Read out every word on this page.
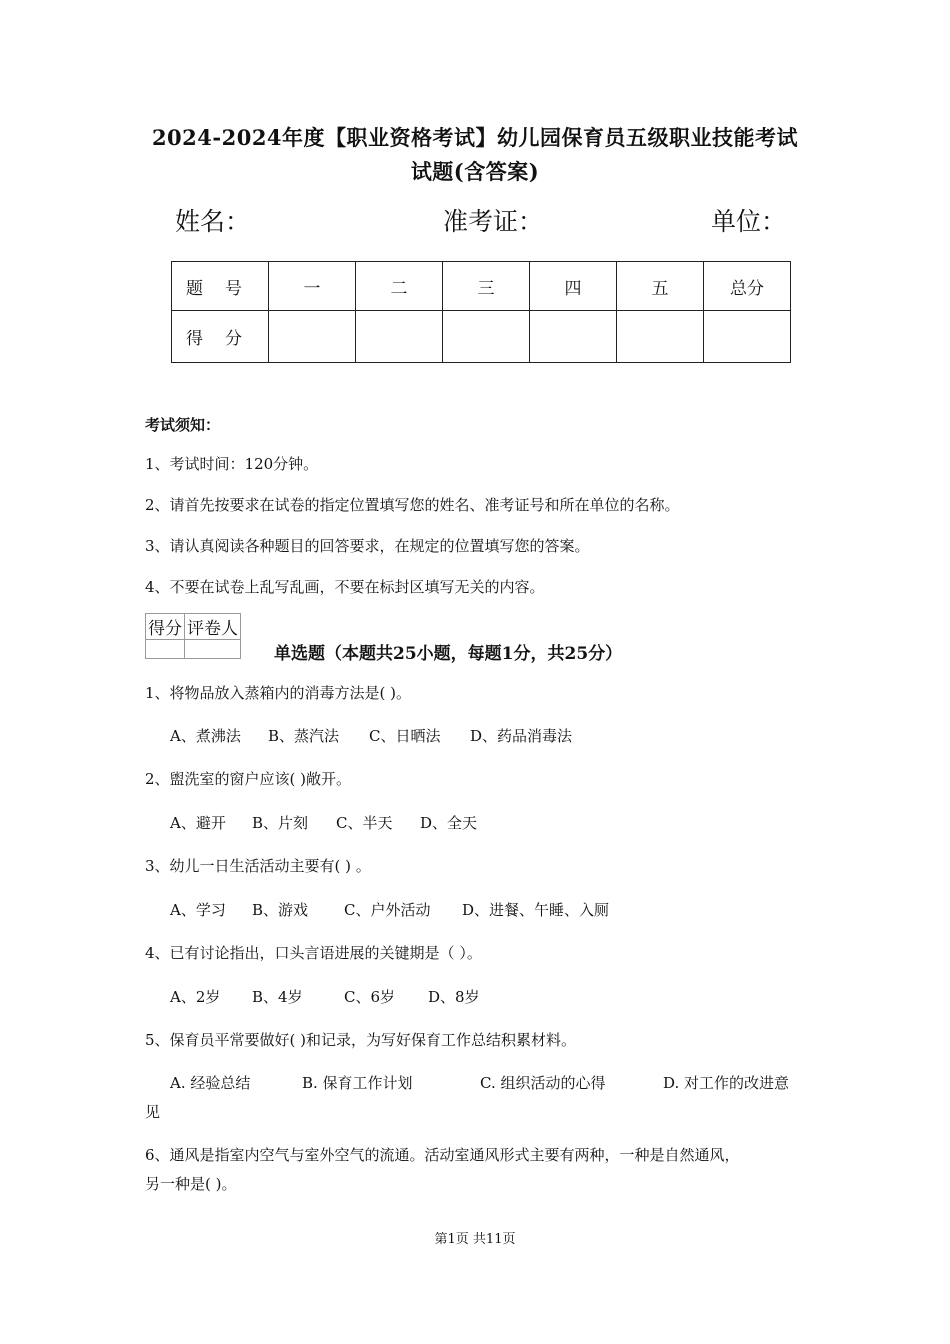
2024-2024年度【职业资格考试】幼儿园保育员五级职业技能考试
试题(含答案)
姓名：	准考证：	单位：
题号	一	二	三	四	五	总分
得分						
考试须知：
1、考试时间：120分钟。
2、请首先按要求在试卷的指定位置填写您的姓名、准考证号和所在单位的名称。
3、请认真阅读各种题目的回答要求，在规定的位置填写您的答案。
4、不要在试卷上乱写乱画，不要在标封区填写无关的内容。
得分	评卷人

单选题（本题共25小题，每题1分，共25分）
1、将物品放入蒸箱内的消毒方法是( )。
A、煮沸法 B、蒸汽法 C、日晒法 D、药品消毒法
2、盥洗室的窗户应该( )敞开。
A、避开 B、片刻 C、半天 D、全天
3、幼儿一日生活活动主要有( ) 。
A、学习 B、游戏 C、户外活动 D、进餐、午睡、入厕
4、已有讨论指出，口头言语进展的关键期是（ ）。
A、2岁 B、4岁	C、6岁 D、8岁
5、保育员平常要做好( )和记录，为写好保育工作总结积累材料。
A. 经验总结	B. 保育工作计划	C. 组织活动的心得	D. 对工作的改进意
见
6、通风是指室内空气与室外空气的流通。活动室通风形式主要有两种，一种是自然通风，
另一种是( )。
第1页 共11页
